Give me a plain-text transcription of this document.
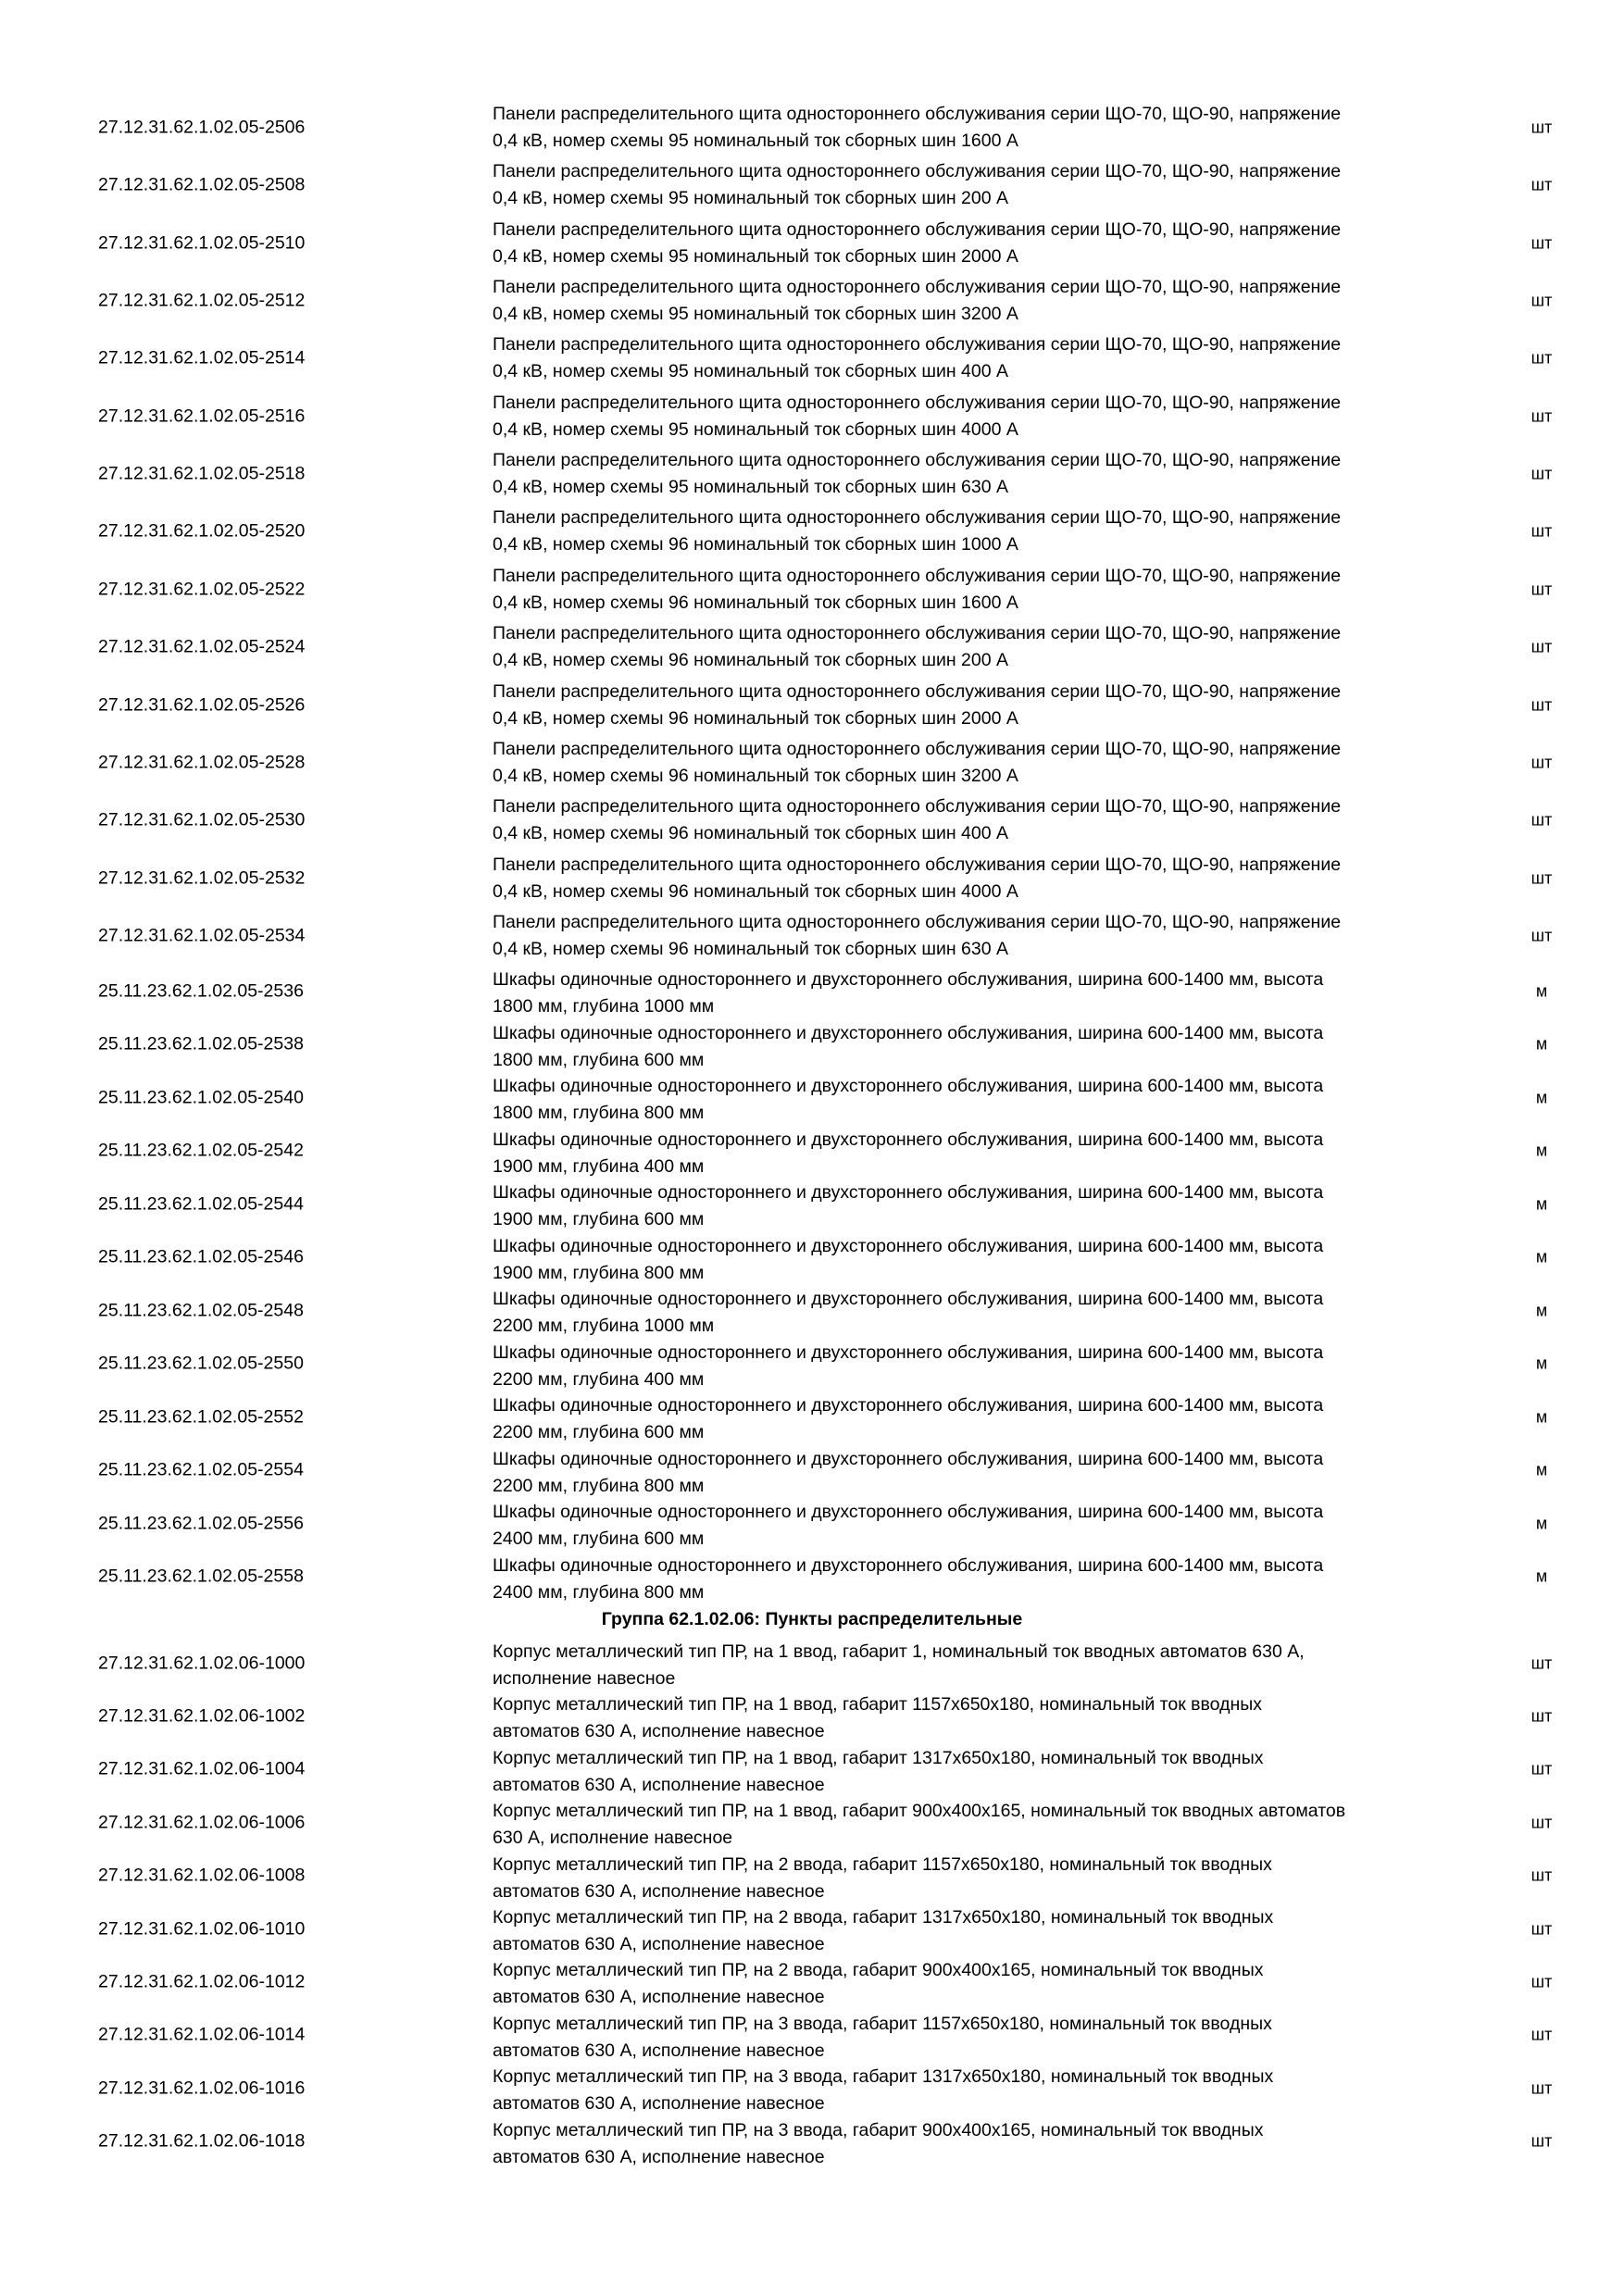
27.12.31.62.1.02.05-2506
Панели распределительного щита одностороннего обслуживания серии ЩО-70, ЩО-90, напряжение
0,4 кВ, номер схемы 95 номинальный ток сборных шин 1600 А
шт
27.12.31.62.1.02.05-2508
Панели распределительного щита одностороннего обслуживания серии ЩО-70, ЩО-90, напряжение
0,4 кВ, номер схемы 95 номинальный ток сборных шин 200 А
шт
27.12.31.62.1.02.05-2510
Панели распределительного щита одностороннего обслуживания серии ЩО-70, ЩО-90, напряжение
0,4 кВ, номер схемы 95 номинальный ток сборных шин 2000 А
шт
27.12.31.62.1.02.05-2512
Панели распределительного щита одностороннего обслуживания серии ЩО-70, ЩО-90, напряжение
0,4 кВ, номер схемы 95 номинальный ток сборных шин 3200 А
шт
27.12.31.62.1.02.05-2514
Панели распределительного щита одностороннего обслуживания серии ЩО-70, ЩО-90, напряжение
0,4 кВ, номер схемы 95 номинальный ток сборных шин 400 А
шт
27.12.31.62.1.02.05-2516
Панели распределительного щита одностороннего обслуживания серии ЩО-70, ЩО-90, напряжение
0,4 кВ, номер схемы 95 номинальный ток сборных шин 4000 А
шт
27.12.31.62.1.02.05-2518
Панели распределительного щита одностороннего обслуживания серии ЩО-70, ЩО-90, напряжение
0,4 кВ, номер схемы 95 номинальный ток сборных шин 630 А
шт
27.12.31.62.1.02.05-2520
Панели распределительного щита одностороннего обслуживания серии ЩО-70, ЩО-90, напряжение
0,4 кВ, номер схемы 96 номинальный ток сборных шин 1000 А
шт
27.12.31.62.1.02.05-2522
Панели распределительного щита одностороннего обслуживания серии ЩО-70, ЩО-90, напряжение
0,4 кВ, номер схемы 96 номинальный ток сборных шин 1600 А
шт
27.12.31.62.1.02.05-2524
Панели распределительного щита одностороннего обслуживания серии ЩО-70, ЩО-90, напряжение
0,4 кВ, номер схемы 96 номинальный ток сборных шин 200 А
шт
27.12.31.62.1.02.05-2526
Панели распределительного щита одностороннего обслуживания серии ЩО-70, ЩО-90, напряжение
0,4 кВ, номер схемы 96 номинальный ток сборных шин 2000 А
шт
27.12.31.62.1.02.05-2528
Панели распределительного щита одностороннего обслуживания серии ЩО-70, ЩО-90, напряжение
0,4 кВ, номер схемы 96 номинальный ток сборных шин 3200 А
шт
27.12.31.62.1.02.05-2530
Панели распределительного щита одностороннего обслуживания серии ЩО-70, ЩО-90, напряжение
0,4 кВ, номер схемы 96 номинальный ток сборных шин 400 А
шт
27.12.31.62.1.02.05-2532
Панели распределительного щита одностороннего обслуживания серии ЩО-70, ЩО-90, напряжение
0,4 кВ, номер схемы 96 номинальный ток сборных шин 4000 А
шт
27.12.31.62.1.02.05-2534
Панели распределительного щита одностороннего обслуживания серии ЩО-70, ЩО-90, напряжение
0,4 кВ, номер схемы 96 номинальный ток сборных шин 630 А
шт
25.11.23.62.1.02.05-2536
Шкафы одиночные одностороннего и двухстороннего обслуживания, ширина 600-1400 мм, высота
1800 мм, глубина 1000 мм
м
25.11.23.62.1.02.05-2538
Шкафы одиночные одностороннего и двухстороннего обслуживания, ширина 600-1400 мм, высота
1800 мм, глубина 600 мм
м
25.11.23.62.1.02.05-2540
Шкафы одиночные одностороннего и двухстороннего обслуживания, ширина 600-1400 мм, высота
1800 мм, глубина 800 мм
м
25.11.23.62.1.02.05-2542
Шкафы одиночные одностороннего и двухстороннего обслуживания, ширина 600-1400 мм, высота
1900 мм, глубина 400 мм
м
25.11.23.62.1.02.05-2544
Шкафы одиночные одностороннего и двухстороннего обслуживания, ширина 600-1400 мм, высота
1900 мм, глубина 600 мм
м
25.11.23.62.1.02.05-2546
Шкафы одиночные одностороннего и двухстороннего обслуживания, ширина 600-1400 мм, высота
1900 мм, глубина 800 мм
м
25.11.23.62.1.02.05-2548
Шкафы одиночные одностороннего и двухстороннего обслуживания, ширина 600-1400 мм, высота
2200 мм, глубина 1000 мм
м
25.11.23.62.1.02.05-2550
Шкафы одиночные одностороннего и двухстороннего обслуживания, ширина 600-1400 мм, высота
2200 мм, глубина 400 мм
м
25.11.23.62.1.02.05-2552
Шкафы одиночные одностороннего и двухстороннего обслуживания, ширина 600-1400 мм, высота
2200 мм, глубина 600 мм
м
25.11.23.62.1.02.05-2554
Шкафы одиночные одностороннего и двухстороннего обслуживания, ширина 600-1400 мм, высота
2200 мм, глубина 800 мм
м
25.11.23.62.1.02.05-2556
Шкафы одиночные одностороннего и двухстороннего обслуживания, ширина 600-1400 мм, высота
2400 мм, глубина 600 мм
м
25.11.23.62.1.02.05-2558
Шкафы одиночные одностороннего и двухстороннего обслуживания, ширина 600-1400 мм, высота
2400 мм, глубина 800 мм
м
Группа 62.1.02.06: Пункты распределительные
27.12.31.62.1.02.06-1000
Корпус металлический тип ПР, на 1 ввод, габарит 1, номинальный ток вводных автоматов 630 А,
исполнение навесное
шт
27.12.31.62.1.02.06-1002
Корпус металлический тип ПР, на 1 ввод, габарит 1157х650х180, номинальный ток вводных
автоматов 630 А, исполнение навесное
шт
27.12.31.62.1.02.06-1004
Корпус металлический тип ПР, на 1 ввод, габарит 1317х650х180, номинальный ток вводных
автоматов 630 А, исполнение навесное
шт
27.12.31.62.1.02.06-1006
Корпус металлический тип ПР, на 1 ввод, габарит 900х400х165, номинальный ток вводных автоматов
630 А, исполнение навесное
шт
27.12.31.62.1.02.06-1008
Корпус металлический тип ПР, на 2 ввода, габарит 1157х650х180, номинальный ток вводных
автоматов 630 А, исполнение навесное
шт
27.12.31.62.1.02.06-1010
Корпус металлический тип ПР, на 2 ввода, габарит 1317х650х180, номинальный ток вводных
автоматов 630 А, исполнение навесное
шт
27.12.31.62.1.02.06-1012
Корпус металлический тип ПР, на 2 ввода, габарит 900х400х165, номинальный ток вводных
автоматов 630 А, исполнение навесное
шт
27.12.31.62.1.02.06-1014
Корпус металлический тип ПР, на 3 ввода, габарит 1157х650х180, номинальный ток вводных
автоматов 630 А, исполнение навесное
шт
27.12.31.62.1.02.06-1016
Корпус металлический тип ПР, на 3 ввода, габарит 1317х650х180, номинальный ток вводных
автоматов 630 А, исполнение навесное
шт
27.12.31.62.1.02.06-1018
Корпус металлический тип ПР, на 3 ввода, габарит 900х400х165, номинальный ток вводных
автоматов 630 А, исполнение навесное
шт
